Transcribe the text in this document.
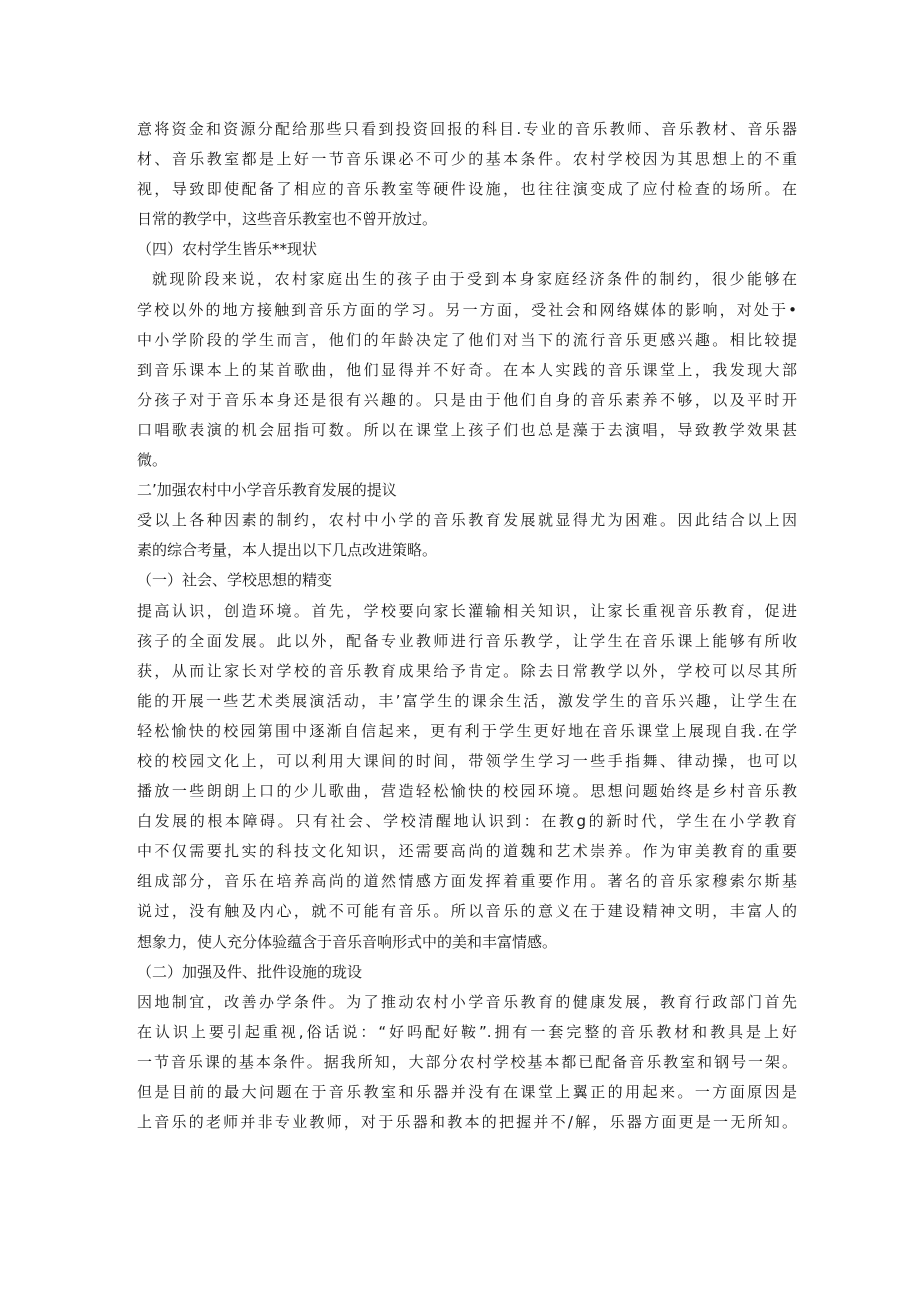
意将资金和资源分配给那些只看到投资回报的科目.专业的音乐教师、音乐教材、音乐器
材、音乐教室都是上好一节音乐课必不可少的基本条件。农村学校因为其思想上的不重
视，导致即使配备了相应的音乐教室等硬件设施，也往往演变成了应付检查的场所。在
日常的教学中，这些音乐教室也不曾开放过。
（四）农村学生皆乐**现状
就现阶段来说，农村家庭出生的孩子由于受到本身家庭经济条件的制约，很少能够在
学校以外的地方接触到音乐方面的学习。另一方面，受社会和网络媒体的影响，对处于•
中小学阶段的学生而言，他们的年龄决定了他们对当下的流行音乐更感兴趣。相比较提
到音乐课本上的某首歌曲，他们显得并不好奇。在本人实践的音乐课堂上，我发现大部
分孩子对于音乐本身还是很有兴趣的。只是由于他们自身的音乐素养不够，以及平时开
口唱歌表演的机会屈指可数。所以在课堂上孩子们也总是藻于去演唱，导致教学效果甚
微。
二’加强农村中小学音乐教育发展的提议
受以上各种因素的制约，农村中小学的音乐教育发展就显得尤为困难。因此结合以上因
素的综合考量，本人提出以下几点改进策略。
（一）社会、学校思想的精变
提高认识，创造环境。首先，学校要向家长灌输相关知识，让家长重视音乐教育，促进
孩子的全面发展。此以外，配备专业教师进行音乐教学，让学生在音乐课上能够有所收
获，从而让家长对学校的音乐教育成果给予肯定。除去日常教学以外，学校可以尽其所
能的开展一些艺术类展演活动，丰’富学生的课余生活，激发学生的音乐兴趣，让学生在
轻松愉快的校园第围中逐渐自信起来，更有利于学生更好地在音乐课堂上展现自我.在学
校的校园文化上，可以利用大课间的时间，带领学生学习一些手指舞、律动操，也可以
播放一些朗朗上口的少儿歌曲，营造轻松愉快的校园环境。思想问题始终是乡村音乐教
白发展的根本障碍。只有社会、学校清醒地认识到：在教g的新时代，学生在小学教育
中不仅需要扎实的科技文化知识，还需要高尚的道魏和艺术崇养。作为审美教育的重要
组成部分，音乐在培养高尚的道然情感方面发挥着重要作用。著名的音乐家穆索尔斯基
说过，没有触及内心，就不可能有音乐。所以音乐的意义在于建设精神文明，丰富人的
想象力，使人充分体验蕴含于音乐音响形式中的美和丰富情感。
（二）加强及件、批件设施的珑设
因地制宜，改善办学条件。为了推动农村小学音乐教育的健康发展，教育行政部门首先
在认识上要引起重视,俗话说：“好吗配好鞍”.拥有一套完整的音乐教材和教具是上好
一节音乐课的基本条件。据我所知，大部分农村学校基本都已配备音乐教室和钢号一架。
但是目前的最大问题在于音乐教室和乐器并没有在课堂上翼正的用起来。一方面原因是
上音乐的老师并非专业教师，对于乐器和教本的把握并不/解，乐器方面更是一无所知。
